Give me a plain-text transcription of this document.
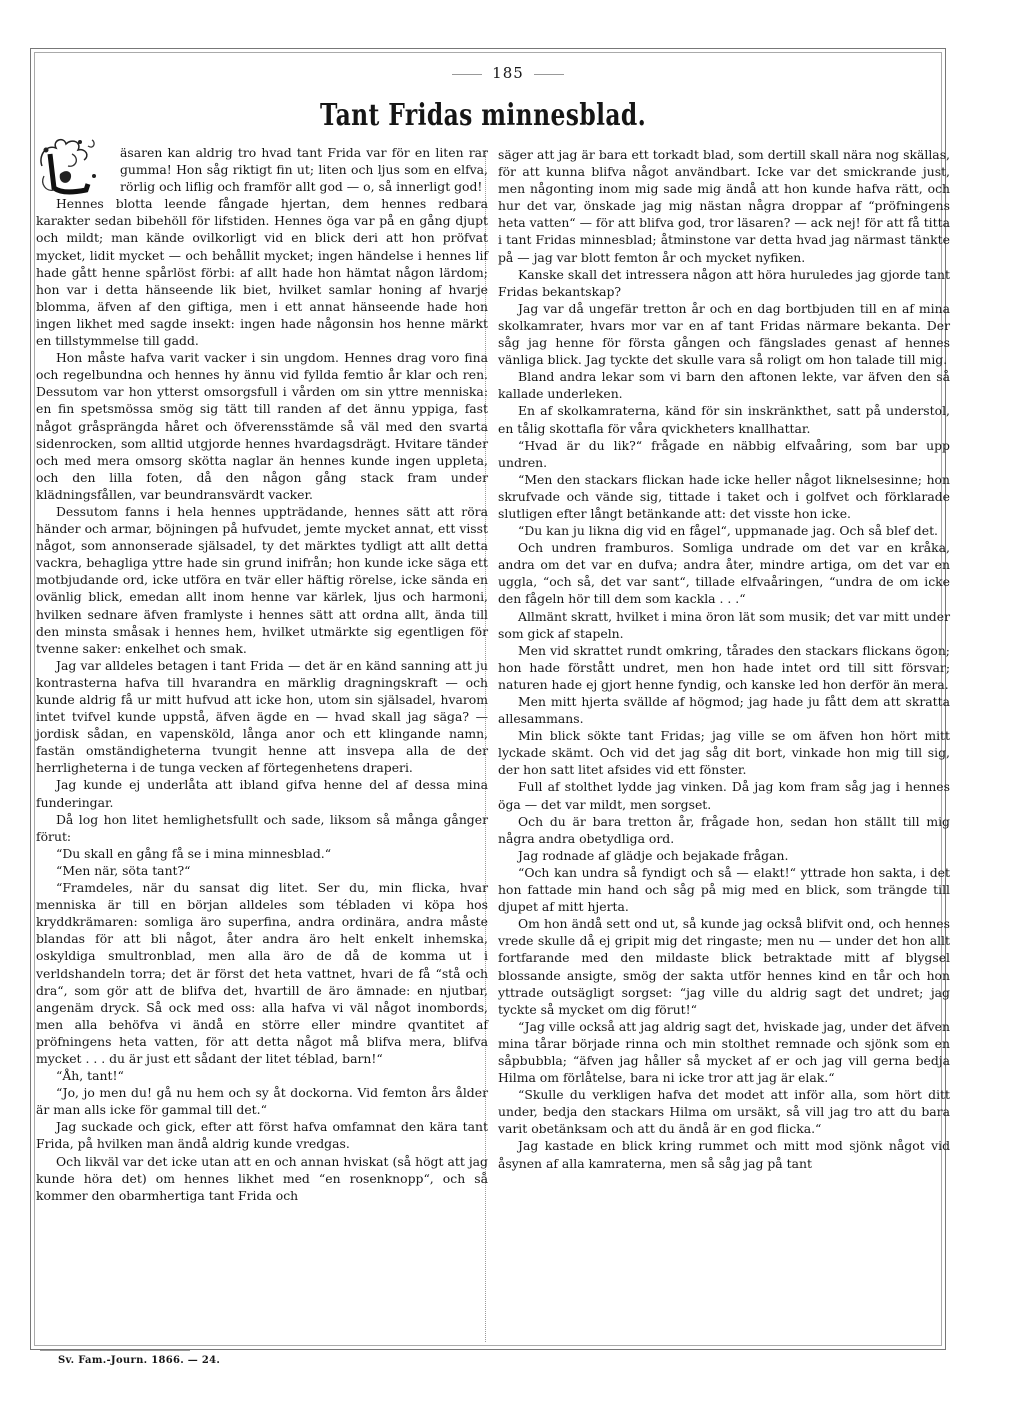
185
Tant Fridas minnesblad.

äsaren kan aldrig tro hvad tant Frida var för en liten rar gumma! Hon såg riktigt fin ut; liten och ljus som en elfva, rörlig och liflig och framför allt god — o, så innerligt god!

Hennes blotta leende fångade hjertan, dem hennes redbara karakter sedan bibehöll för lifstiden. Hennes öga var på en gång djupt och mildt; man kände ovilkorligt vid en blick deri att hon pröfvat mycket, lidit mycket — och behållit mycket; ingen händelse i hennes lif hade gått henne spårlöst förbi: af allt hade hon hämtat någon lärdom; hon var i detta hänseende lik biet, hvilket samlar honing af hvarje blomma, äfven af den giftiga, men i ett annat hänseende hade hon ingen likhet med sagde insekt: ingen hade någonsin hos henne märkt en tillstymmelse till gadd.

Hon måste hafva varit vacker i sin ungdom. Hennes drag voro fina och regelbundna och hennes hy ännu vid fyllda femtio år klar och ren. Dessutom var hon ytterst omsorgsfull i vården om sin yttre menniska: en fin spetsmössa smög sig tätt till randen af det ännu yppiga, fast något gråsprängda håret och öfverensstämde så väl med den svarta sidenrocken, som alltid utgjorde hennes hvardagsdrägt. Hvitare tänder och med mera omsorg skötta naglar än hennes kunde ingen uppleta, och den lilla foten, då den någon gång stack fram under klädningsfållen, var beundransvärdt vacker.

Dessutom fanns i hela hennes uppträdande, hennes sätt att röra händer och armar, böjningen på hufvudet, jemte mycket annat, ett visst något, som annonserade själsadel, ty det märktes tydligt att allt detta vackra, behagliga yttre hade sin grund inifrån; hon kunde icke säga ett motbjudande ord, icke utföra en tvär eller häftig rörelse, icke sända en ovänlig blick, emedan allt inom henne var kärlek, ljus och harmoni, hvilken sednare äfven framlyste i hennes sätt att ordna allt, ända till den minsta småsak i hennes hem, hvilket utmärkte sig egentligen för tvenne saker: enkelhet och smak.

Jag var alldeles betagen i tant Frida — det är en känd sanning att ju kontrasterna hafva till hvarandra en märklig dragningskraft — och kunde aldrig få ur mitt hufvud att icke hon, utom sin själsadel, hvarom intet tvifvel kunde uppstå, äfven ägde en — hvad skall jag säga? — jordisk sådan, en vapensköld, långa anor och ett klingande namn, fastän omständigheterna tvungit henne att insvepa alla de der herrligheterna i de tunga vecken af förtegenhetens draperi.

Jag kunde ej underlåta att ibland gifva henne del af dessa mina funderingar.

Då log hon litet hemlighetsfullt och sade, liksom så många gånger förut:

“Du skall en gång få se i mina minnesblad.“

“Men när, söta tant?“

“Framdeles, när du sansat dig litet. Ser du, min flicka, hvar menniska är till en början alldeles som tébladen vi köpa hos kryddkrämaren: somliga äro superfina, andra ordinära, andra måste blandas för att bli något, åter andra äro helt enkelt inhemska, oskyldiga smultronblad, men alla äro de då de komma ut i verldshandeln torra; det är först det heta vattnet, hvari de få “stå och dra“, som gör att de blifva det, hvartill de äro ämnade: en njutbar, angenäm dryck. Så ock med oss: alla hafva vi väl något inombords, men alla behöfva vi ändå en större eller mindre qvantitet af pröfningens heta vatten, för att detta något må blifva mera, blifva mycket . . . du är just ett sådant der litet téblad, barn!“

“Åh, tant!“

“Jo, jo men du! gå nu hem och sy åt dockorna. Vid femton års ålder är man alls icke för gammal till det.“

Jag suckade och gick, efter att först hafva omfamnat den kära tant Frida, på hvilken man ändå aldrig kunde vredgas.

Och likväl var det icke utan att en och annan hviskat (så högt att jag kunde höra det) om hennes likhet med “en rosenknopp“, och så kommer den obarmhertiga tant Frida och

säger att jag är bara ett torkadt blad, som dertill skall nära nog skällas, för att kunna blifva något användbart. Icke var det smickrande just, men någonting inom mig sade mig ändå att hon kunde hafva rätt, och hur det var, önskade jag mig nästan några droppar af “pröfningens heta vatten“ — för att blifva god, tror läsaren? — ack nej! för att få titta i tant Fridas minnesblad; åtminstone var detta hvad jag närmast tänkte på — jag var blott femton år och mycket nyfiken.

Kanske skall det intressera någon att höra huruledes jag gjorde tant Fridas bekantskap?

Jag var då ungefär tretton år och en dag bortbjuden till en af mina skolkamrater, hvars mor var en af tant Fridas närmare bekanta. Der såg jag henne för första gången och fängslades genast af hennes vänliga blick. Jag tyckte det skulle vara så roligt om hon talade till mig.

Bland andra lekar som vi barn den aftonen lekte, var äfven den så kallade underleken.

En af skolkamraterna, känd för sin inskränkthet, satt på understol, en tålig skottafla för våra qvickheters knallhattar.

“Hvad är du lik?“ frågade en näbbig elfvaåring, som bar upp undren.

“Men den stackars flickan hade icke heller något liknelsesinne; hon skrufvade och vände sig, tittade i taket och i golfvet och förklarade slutligen efter långt betänkande att: det visste hon icke.

“Du kan ju likna dig vid en fågel“, uppmanade jag. Och så blef det.

Och undren framburos. Somliga undrade om det var en kråka, andra om det var en dufva; andra åter, mindre artiga, om det var en uggla, “och så, det var sant“, tillade elfvaåringen, “undra de om icke den fågeln hör till dem som kackla . . .“

Allmänt skratt, hvilket i mina öron lät som musik; det var mitt under som gick af stapeln.

Men vid skrattet rundt omkring, tårades den stackars flickans ögon; hon hade förstått undret, men hon hade intet ord till sitt försvar; naturen hade ej gjort henne fyndig, och kanske led hon derför än mera.

Men mitt hjerta svällde af högmod; jag hade ju fått dem att skratta allesammans.

Min blick sökte tant Fridas; jag ville se om äfven hon hört mitt lyckade skämt. Och vid det jag såg dit bort, vinkade hon mig till sig, der hon satt litet afsides vid ett fönster.

Full af stolthet lydde jag vinken. Då jag kom fram såg jag i hennes öga — det var mildt, men sorgset.

Och du är bara tretton år, frågade hon, sedan hon ställt till mig några andra obetydliga ord.

Jag rodnade af glädje och bejakade frågan.

“Och kan undra så fyndigt och så — elakt!“ yttrade hon sakta, i det hon fattade min hand och såg på mig med en blick, som trängde till djupet af mitt hjerta.

Om hon ändå sett ond ut, så kunde jag också blifvit ond, och hennes vrede skulle då ej gripit mig det ringaste; men nu — under det hon allt fortfarande med den mildaste blick betraktade mitt af blygsel blossande ansigte, smög der sakta utför hennes kind en tår och hon yttrade outsägligt sorgset: “jag ville du aldrig sagt det undret; jag tyckte så mycket om dig förut!“

“Jag ville också att jag aldrig sagt det, hviskade jag, under det äfven mina tårar började rinna och min stolthet remnade och sjönk som en såpbubbla; “äfven jag håller så mycket af er och jag vill gerna bedja Hilma om förlåtelse, bara ni icke tror att jag är elak.“

“Skulle du verkligen hafva det modet att inför alla, som hört ditt under, bedja den stackars Hilma om ursäkt, så vill jag tro att du bara varit obetänksam och att du ändå är en god flicka.“

Jag kastade en blick kring rummet och mitt mod sjönk något vid åsynen af alla kamraterna, men så såg jag på tant

Sv. Fam.-Journ. 1866. — 24.
